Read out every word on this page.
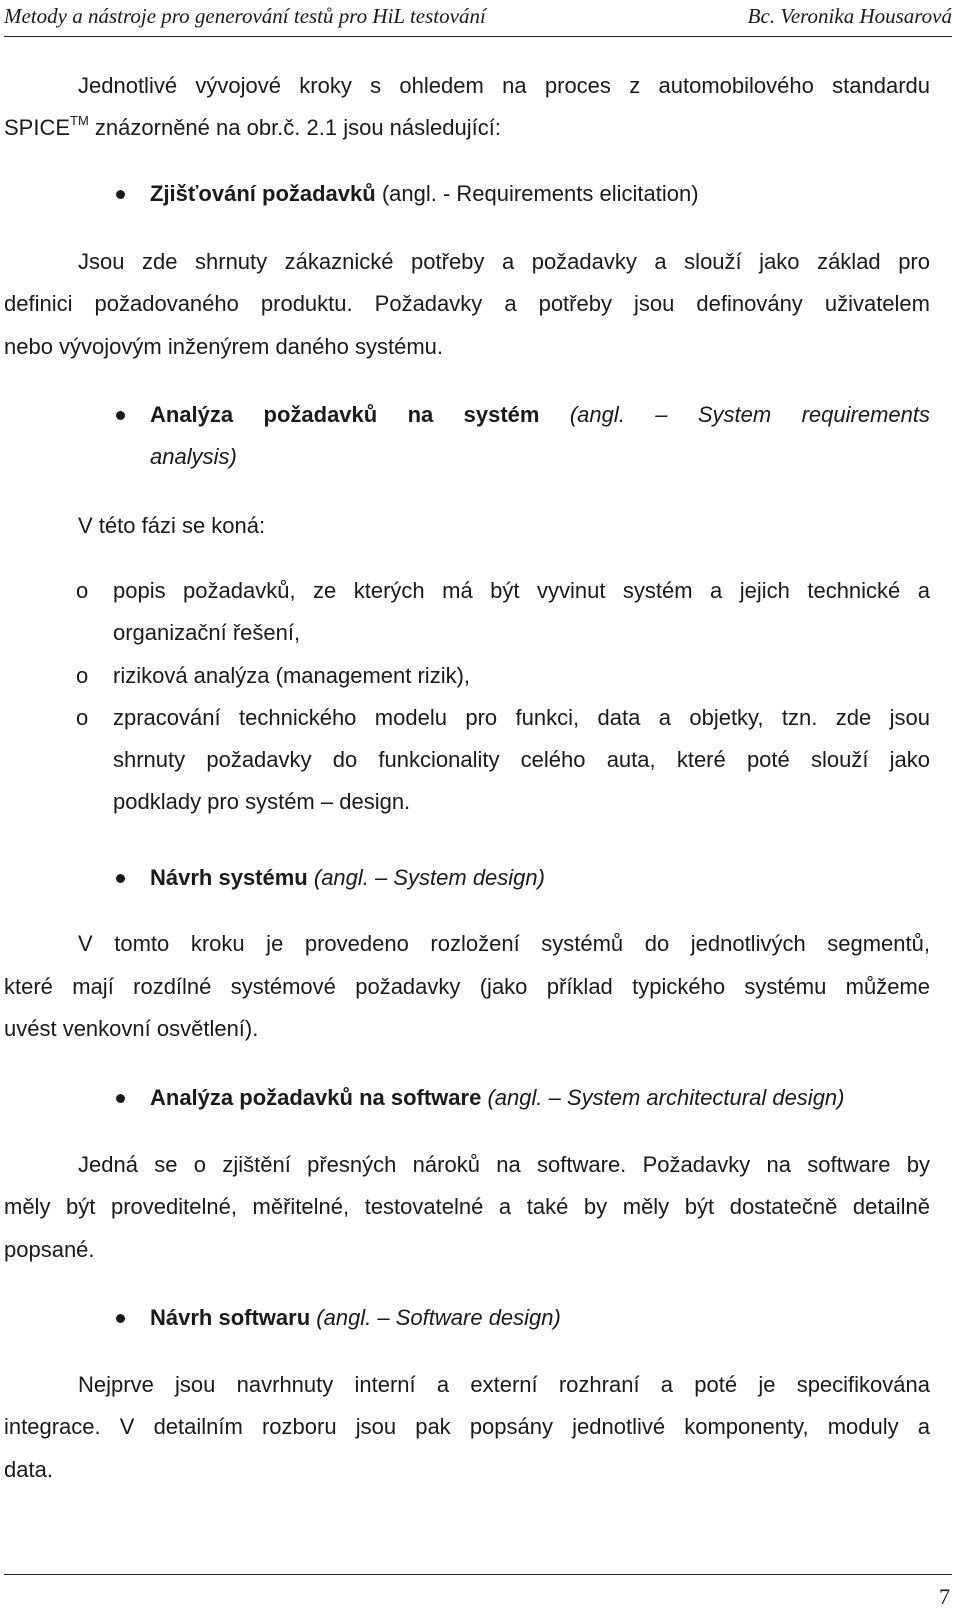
Metody a nástroje pro generování testů pro HiL testování	Bc. Veronika Housarová
Jednotlivé vývojové kroky s ohledem na proces z automobilového standardu
SPICE™ znázorněné na obr.č. 2.1 jsou následující:
Zjišťování požadavků (angl. - Requirements elicitation)
Jsou zde shrnuty zákaznické potřeby a požadavky a slouží jako základ pro
definici požadovaného produktu. Požadavky a potřeby jsou definovány uživatelem
nebo vývojovým inženýrem daného systému.
Analýza požadavků na systém (angl. – System requirements
analysis)
V této fázi se koná:
o popis požadavků, ze kterých má být vyvinut systém a jejich technické a
organizační řešení,
o riziková analýza (management rizik),
o zpracování technického modelu pro funkci, data a objetky, tzn. zde jsou
shrnuty požadavky do funkcionality celého auta, které poté slouží jako
podklady pro systém – design.
Návrh systému (angl. – System design)
V tomto kroku je provedeno rozložení systémů do jednotlivých segmentů,
které mají rozdílné systémové požadavky (jako příklad typického systému můžeme
uvést venkovní osvětlení).
Analýza požadavků na software (angl. – System architectural design)
Jedná se o zjištění přesných nároků na software. Požadavky na software by
měly být proveditelné, měřitelné, testovatelné a také by měly být dostatečně detailně
popsané.
Návrh softwaru (angl. – Software design)
Nejprve jsou navrhnuty interní a externí rozhraní a poté je specifikována
integrace. V detailním rozboru jsou pak popsány jednotlivé komponenty, moduly a
data.
7
